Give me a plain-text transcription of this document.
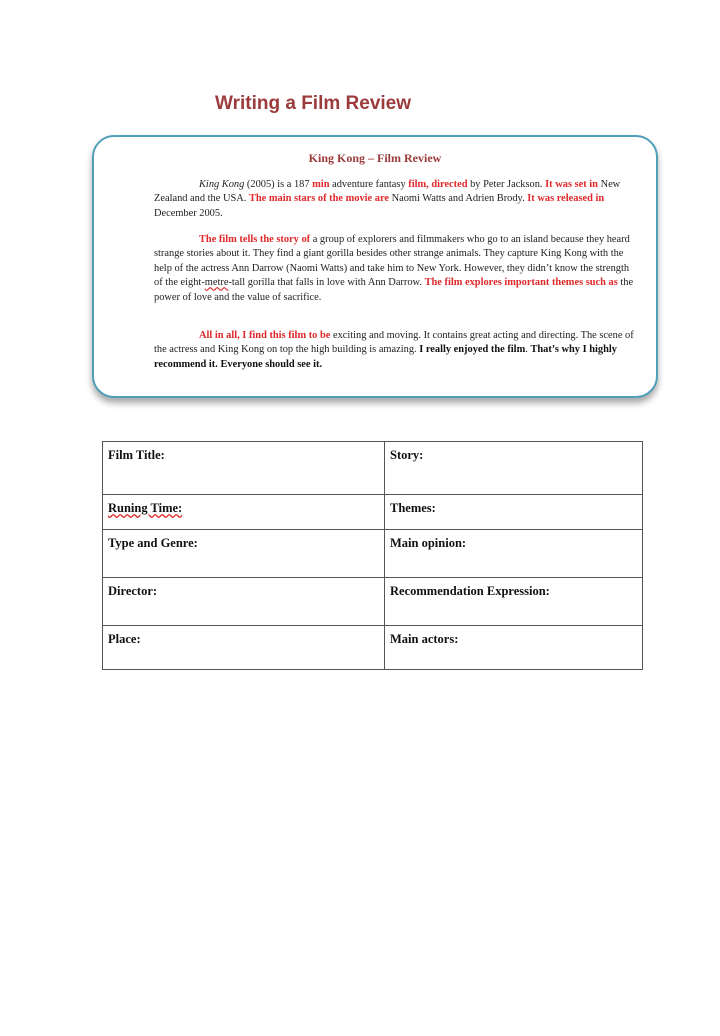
Writing a Film Review
King Kong – Film Review
King Kong (2005) is a 187 min adventure fantasy film, directed by Peter Jackson. It was set in New Zealand and the USA. The main stars of the movie are Naomi Watts and Adrien Brody. It was released in December 2005.
The film tells the story of a group of explorers and filmmakers who go to an island because they heard strange stories about it. They find a giant gorilla besides other strange animals. They capture King Kong with the help of the actress Ann Darrow (Naomi Watts) and take him to New York. However, they didn’t know the strength of the eight-metre-tall gorilla that falls in love with Ann Darrow. The film explores important themes such as the power of love and the value of sacrifice.
All in all, I find this film to be exciting and moving. It contains great acting and directing. The scene of the actress and King Kong on top the high building is amazing. I really enjoyed the film. That’s why I highly recommend it. Everyone should see it.
Film Title:	Story:
Runing Time:	Themes:
Type and Genre:	Main opinion:
Director:	Recommendation Expression:
Place:	Main actors:
